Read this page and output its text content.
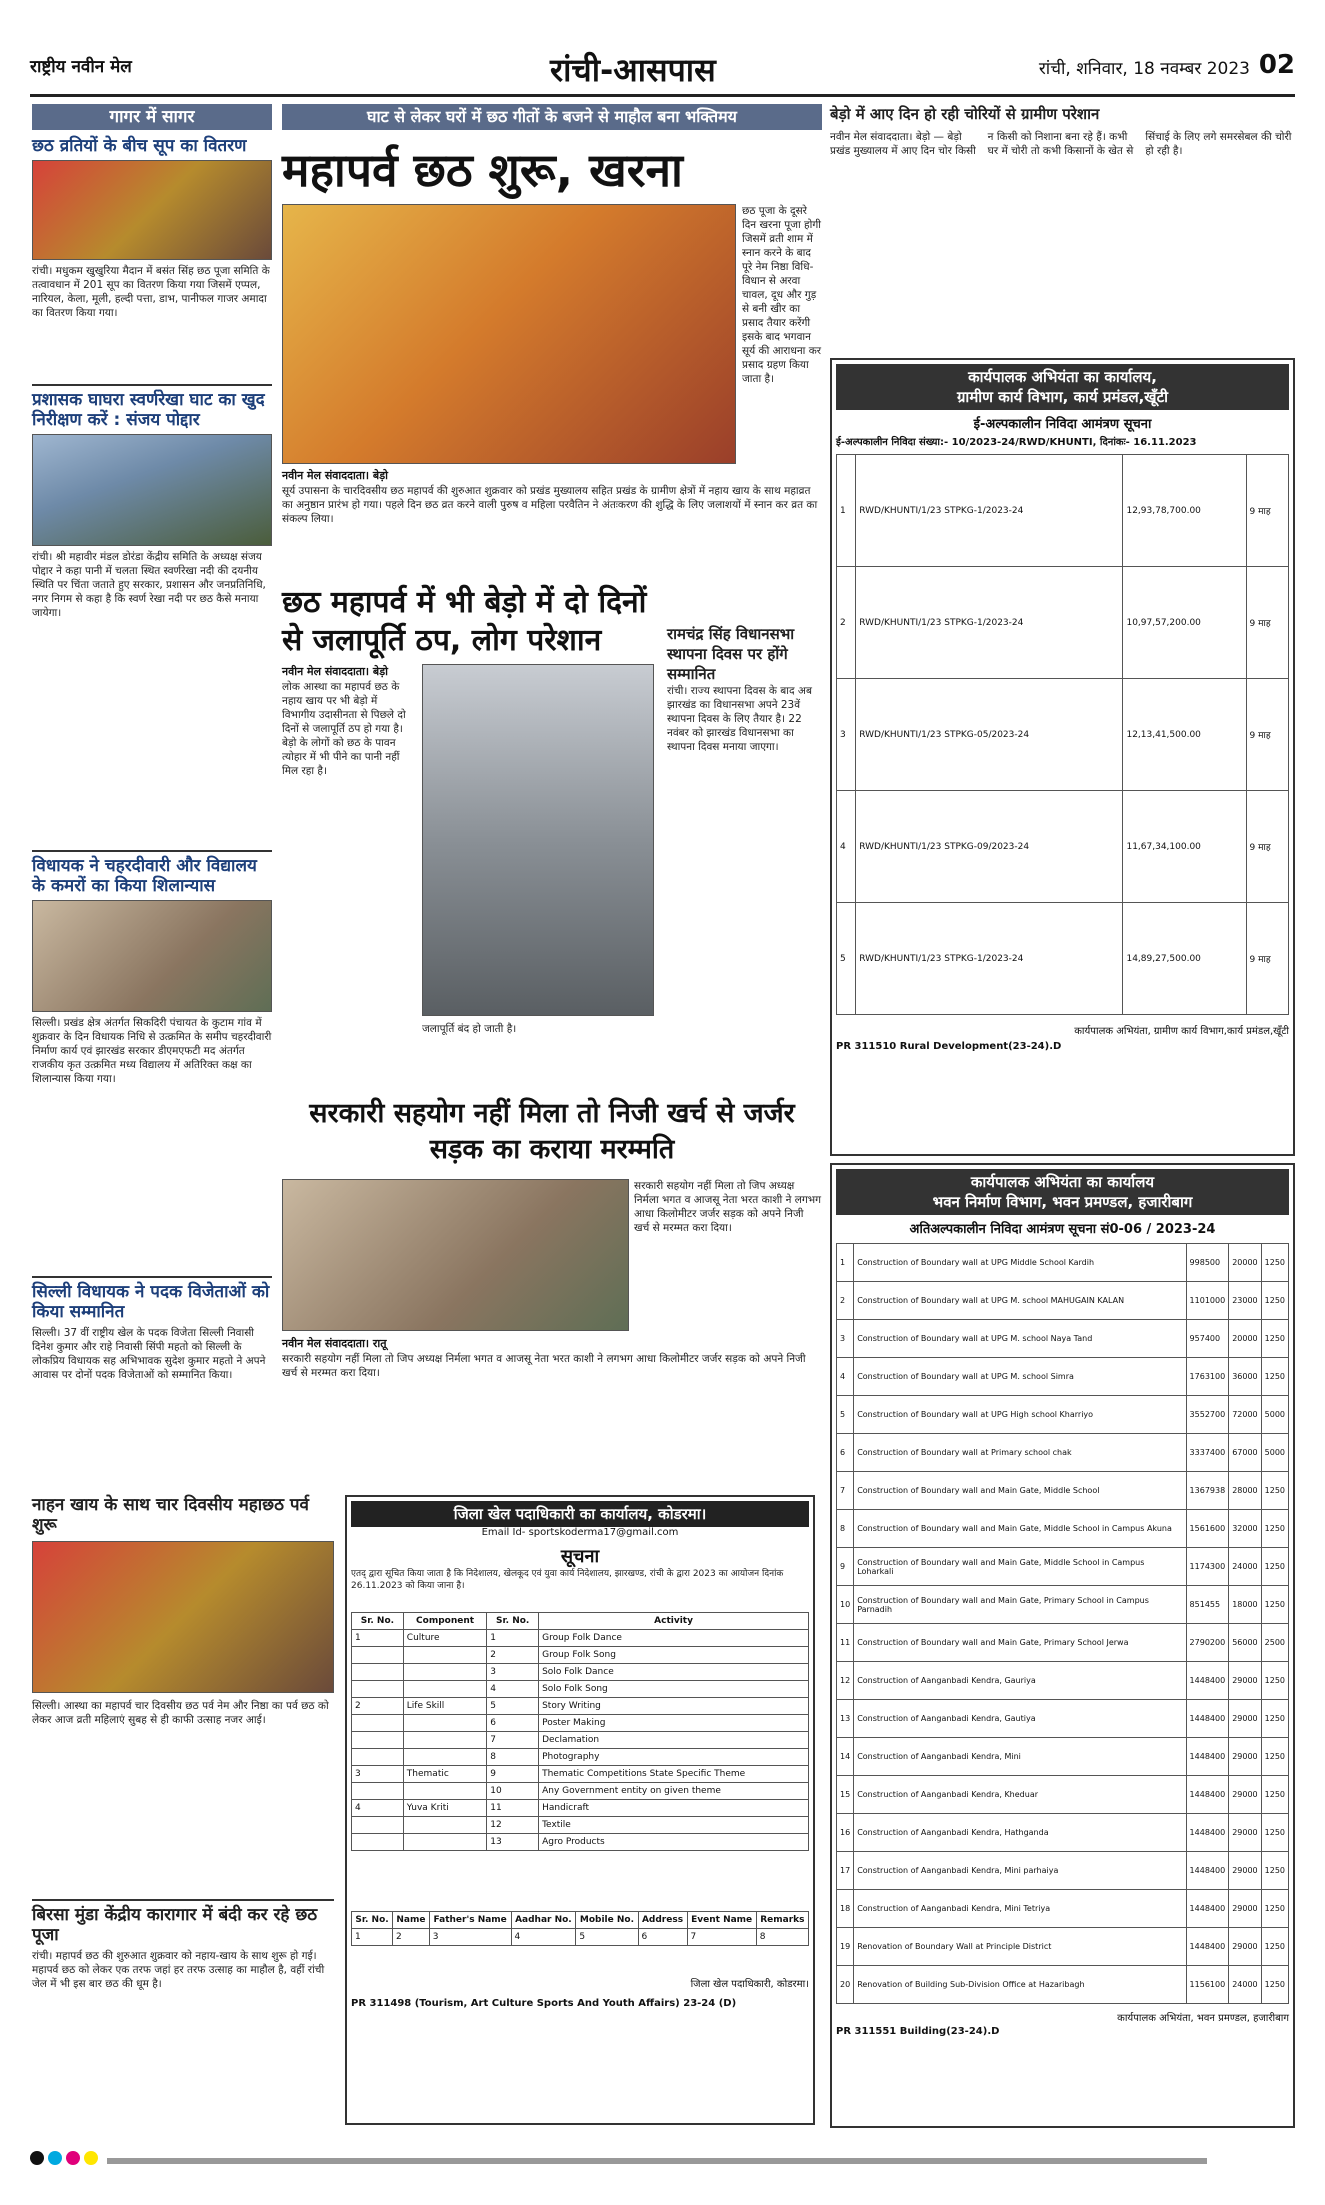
राष्ट्रीय नवीन मेल	रांची-आसपास	रांची, शनिवार, 18 नवम्बर 2023 02
गागर में सागर
छठ व्रतियों के बीच सूप का वितरण
रांची। मधुकम खुखुरिया मैदान में बसंत सिंह छठ पूजा समिति के तत्वावधान में 201 सूप का वितरण किया गया जिसमें एप्पल, नारियल, केला, मूली, हल्दी पत्ता, डाभ, पानीफल गाजर अमादा का वितरण किया गया।
प्रशासक घाघरा स्वर्णरेखा घाट का खुद निरीक्षण करें : संजय पोद्दार
रांची। श्री महावीर मंडल डोरंडा केंद्रीय समिति के अध्यक्ष संजय पोद्दार ने कहा पानी में चलता स्थित स्वर्णरेखा नदी की दयनीय स्थिति पर चिंता जताते हुए सरकार, प्रशासन और जनप्रतिनिधि, नगर निगम से कहा है कि स्वर्ण रेखा नदी पर छठ कैसे मनाया जायेगा।
विधायक ने चहरदीवारी और विद्यालय के कमरों का किया शिलान्यास
सिल्ली। प्रखंड क्षेत्र अंतर्गत सिकदिरी पंचायत के कुटाम गांव में शुक्रवार के दिन विधायक निधि से उत्क्रमित के समीप चहरदीवारी निर्माण कार्य एवं झारखंड सरकार डीएमएफटी मद अंतर्गत राजकीय कृत उत्क्रमित मध्य विद्यालय में अतिरिक्त कक्ष का शिलान्यास किया गया।
सिल्ली विधायक ने पदक विजेताओं को किया सम्मानित
सिल्ली। 37 वीं राष्ट्रीय खेल के पदक विजेता सिल्ली निवासी दिनेश कुमार और राहे निवासी सिंपी महतो को सिल्ली के लोकप्रिय विधायक सह अभिभावक सुदेश कुमार महतो ने अपने आवास पर दोनों पदक विजेताओं को सम्मानित किया।
घाट से लेकर घरों में छठ गीतों के बजने से माहौल बना भक्तिमय
महापर्व छठ शुरू, खरना
छठ पूजा के दूसरे दिन खरना पूजा होगी जिसमें व्रती शाम में स्नान करने के बाद पूरे नेम निष्ठा विधि-विधान से अरवा चावल, दूध और गुड़ से बनी खीर का प्रसाद तैयार करेंगी इसके बाद भगवान सूर्य की आराधना कर प्रसाद ग्रहण किया जाता है।
नवीन मेल संवाददाता। बेड़ो
सूर्य उपासना के चारदिवसीय छठ महापर्व की शुरुआत शुक्रवार को प्रखंड मुख्यालय सहित प्रखंड के ग्रामीण क्षेत्रों में नहाय खाय के साथ महाव्रत का अनुष्ठान प्रारंभ हो गया। पहले दिन छठ व्रत करने वाली पुरुष व महिला परवैतिन ने अंतःकरण की शुद्धि के लिए जलाशयों में स्नान कर व्रत का संकल्प लिया।
छठ महापर्व में भी बेड़ो में दो दिनों से जलापूर्ति ठप, लोग परेशान
नवीन मेल संवाददाता। बेड़ो
लोक आस्था का महापर्व छठ के नहाय खाय पर भी बेड़ो में विभागीय उदासीनता से पिछले दो दिनों से जलापूर्ति ठप हो गया है। बेड़ो के लोगों को छठ के पावन त्योहार में भी पीने का पानी नहीं मिल रहा है।
जलापूर्ति बंद हो जाती है।
रामचंद्र सिंह विधानसभा स्थापना दिवस पर होंगे सम्मानित
रांची। राज्य स्थापना दिवस के बाद अब झारखंड का विधानसभा अपने 23वें स्थापना दिवस के लिए तैयार है। 22 नवंबर को झारखंड विधानसभा का स्थापना दिवस मनाया जाएगा।
सरकारी सहयोग नहीं मिला तो निजी खर्च से जर्जर सड़क का कराया मरम्मति
सरकारी सहयोग नहीं मिला तो जिप अध्यक्ष निर्मला भगत व आजसू नेता भरत काशी ने लगभग आधा किलोमीटर जर्जर सड़क को अपने निजी खर्च से मरम्मत करा दिया।
नवीन मेल संवाददाता। रातू
सरकारी सहयोग नहीं मिला तो जिप अध्यक्ष निर्मला भगत व आजसू नेता भरत काशी ने लगभग आधा किलोमीटर जर्जर सड़क को अपने निजी खर्च से मरम्मत करा दिया।
नाहन खाय के साथ चार दिवसीय महाछठ पर्व शुरू
सिल्ली। आस्था का महापर्व चार दिवसीय छठ पर्व नेम और निष्ठा का पर्व छठ को लेकर आज व्रती महिलाएं सुबह से ही काफी उत्साह नजर आई।
बिरसा मुंडा केंद्रीय कारागार में बंदी कर रहे छठ पूजा
रांची। महापर्व छठ की शुरुआत शुक्रवार को नहाय-खाय के साथ शुरू हो गई। महापर्व छठ को लेकर एक तरफ जहां हर तरफ उत्साह का माहौल है, वहीं रांची जेल में भी इस बार छठ की धूम है।
जिला खेल पदाधिकारी का कार्यालय, कोडरमा।
Email Id- sportskoderma17@gmail.com
सूचना
एतद् द्वारा सूचित किया जाता है कि निदेशालय, खेलकूद एवं युवा कार्य निदेशालय, झारखण्ड, रांची के द्वारा 2023 का आयोजन दिनांक 26.11.2023 को किया जाना है।
Sr. No.	Component	Sr. No.	Activity
1	Culture	1	Group Folk Dance
		2	Group Folk Song
		3	Solo Folk Dance
		4	Solo Folk Song
2	Life Skill	5	Story Writing
		6	Poster Making
		7	Declamation
		8	Photography
3	Thematic	9	Thematic Competitions State Specific Theme
		10	Any Government entity on given theme
4	Yuva Kriti	11	Handicraft
		12	Textile
		13	Agro Products
Sr. No.	Name	Father's Name	Aadhar No.	Mobile No.	Address	Event Name	Remarks
1	2	3	4	5	6	7	8
जिला खेल पदाधिकारी, कोडरमा।
PR 311498 (Tourism, Art Culture Sports And Youth Affairs) 23-24 (D)
बेड़ो में आए दिन हो रही चोरियों से ग्रामीण परेशान
नवीन मेल संवाददाता। बेड़ो — बेड़ो प्रखंड मुख्यालय में आए दिन चोर किसी न किसी को निशाना बना रहे हैं। कभी घर में चोरी तो कभी किसानों के खेत से सिंचाई के लिए लगे समरसेबल की चोरी हो रही है।
कार्यपालक अभियंता का कार्यालय,
ग्रामीण कार्य विभाग, कार्य प्रमंडल,खूँटी
ई-अल्पकालीन निविदा आमंत्रण सूचना
ई-अल्पकालीन निविदा संख्या:- 10/2023-24/RWD/KHUNTI, दिनांकः- 16.11.2023
1	RWD/KHUNTI/1/23 STPKG-1/2023-24	12,93,78,700.00	9 माह
2	RWD/KHUNTI/1/23 STPKG-1/2023-24	10,97,57,200.00	9 माह
3	RWD/KHUNTI/1/23 STPKG-05/2023-24	12,13,41,500.00	9 माह
4	RWD/KHUNTI/1/23 STPKG-09/2023-24	11,67,34,100.00	9 माह
5	RWD/KHUNTI/1/23 STPKG-1/2023-24	14,89,27,500.00	9 माह
कार्यपालक अभियंता, ग्रामीण कार्य विभाग,कार्य प्रमंडल,खूँटी
PR 311510 Rural Development(23-24).D
कार्यपालक अभियंता का कार्यालय
भवन निर्माण विभाग, भवन प्रमण्डल, हजारीबाग
अतिअल्पकालीन निविदा आमंत्रण सूचना सं0-06 / 2023-24
1	Construction of Boundary wall at UPG Middle School Kardih	998500	20000	1250
2	Construction of Boundary wall at UPG M. school MAHUGAIN KALAN	1101000	23000	1250
3	Construction of Boundary wall at UPG M. school Naya Tand	957400	20000	1250
4	Construction of Boundary wall at UPG M. school Simra	1763100	36000	1250
5	Construction of Boundary wall at UPG High school Kharriyo	3552700	72000	5000
6	Construction of Boundary wall at Primary school chak	3337400	67000	5000
7	Construction of Boundary wall and Main Gate, Middle School	1367938	28000	1250
8	Construction of Boundary wall and Main Gate, Middle School in Campus Akuna	1561600	32000	1250
9	Construction of Boundary wall and Main Gate, Middle School in Campus Loharkali	1174300	24000	1250
10	Construction of Boundary wall and Main Gate, Primary School in Campus Parnadih	851455	18000	1250
11	Construction of Boundary wall and Main Gate, Primary School Jerwa	2790200	56000	2500
12	Construction of Aanganbadi Kendra, Gauriya	1448400	29000	1250
13	Construction of Aanganbadi Kendra, Gautiya	1448400	29000	1250
14	Construction of Aanganbadi Kendra, Mini	1448400	29000	1250
15	Construction of Aanganbadi Kendra, Kheduar	1448400	29000	1250
16	Construction of Aanganbadi Kendra, Hathganda	1448400	29000	1250
17	Construction of Aanganbadi Kendra, Mini parhaiya	1448400	29000	1250
18	Construction of Aanganbadi Kendra, Mini Tetriya	1448400	29000	1250
19	Renovation of Boundary Wall at Principle District	1448400	29000	1250
20	Renovation of Building Sub-Division Office at Hazaribagh	1156100	24000	1250
कार्यपालक अभियंता, भवन प्रमण्डल, हजारीबाग
PR 311551 Building(23-24).D
